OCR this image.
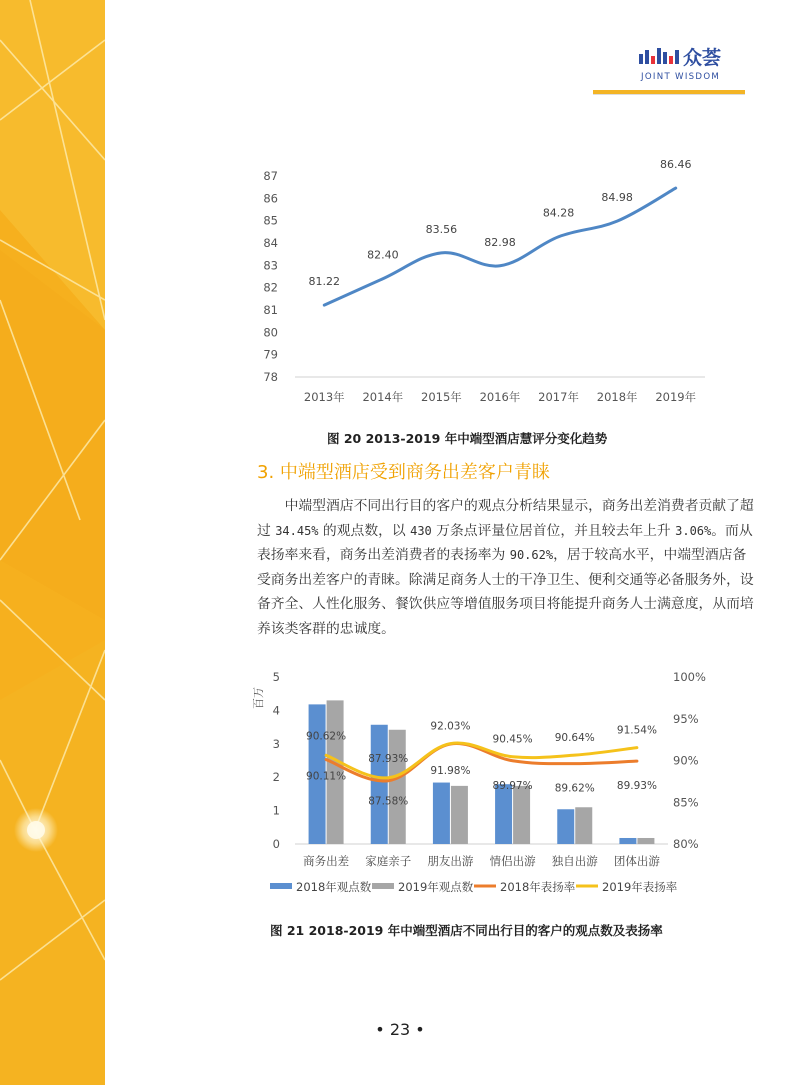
众荟
JOINT WISDOM
78
79
80
81
82
83
84
85
86
87
2013年 2014年 2015年 2016年 2017年 2018年 2019年
81.22
82.40
83.56
82.98
84.28
84.98
86.46
图 20 2013-2019 年中端型酒店慧评分变化趋势
3. 中端型酒店受到商务出差客户青睐
中端型酒店不同出行目的客户的观点分析结果显示，商务出差消费者贡献了超
过 34.45% 的观点数，以 430 万条点评量位居首位，并且较去年上升 3.06%。而从
表扬率来看，商务出差消费者的表扬率为 90.62%，居于较高水平，中端型酒店备
受商务出差客户的青睐。除满足商务人士的干净卫生、便利交通等必备服务外，设
备齐全、人性化服务、餐饮供应等增值服务项目将能提升商务人士满意度，从而培
养该类客群的忠诚度。
百万
0
1
2
3
4
5
80%
85%
90%
95%
100%
商务出差 家庭亲子 朋友出游 情侣出游 独自出游 团体出游
90.11%
87.58%
91.98%
89.97% 89.62% 89.93%
90.62%
87.93%
92.03%
90.45% 90.64%
91.54%
2018年观点数 2019年观点数 2018年表扬率 2019年表扬率
图 21 2018-2019 年中端型酒店不同出行目的客户的观点数及表扬率
• 23 •
